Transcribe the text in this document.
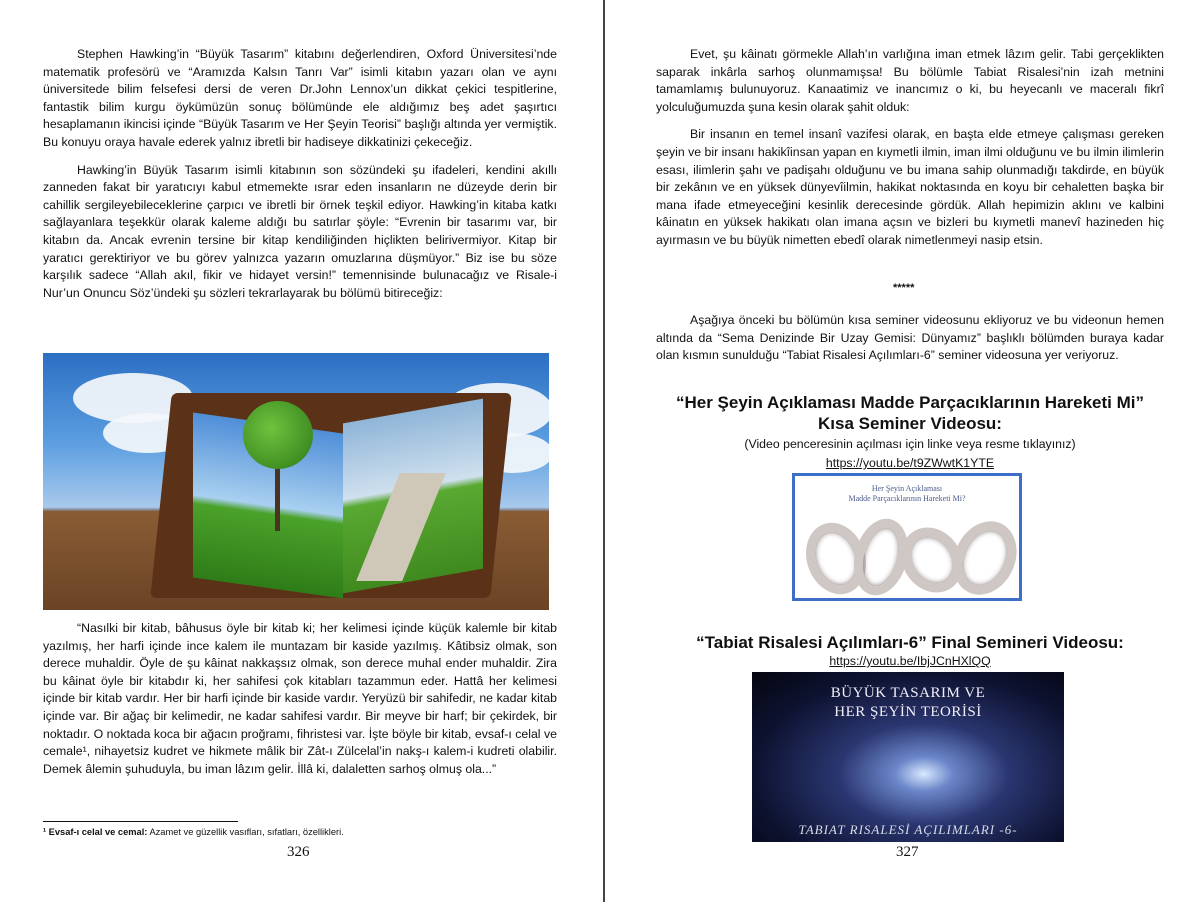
Stephen Hawking’in “Büyük Tasarım” kitabını değerlendiren, Oxford Üniversitesi’nde matematik profesörü ve “Aramızda Kalsın Tanrı Var” isimli kitabın yazarı olan ve aynı üniversitede bilim felsefesi dersi de veren Dr.John Lennox’un dikkat çekici tespitlerine, fantastik bilim kurgu öykümüzün sonuç bölümünde ele aldığımız beş adet şaşırtıcı hesaplamanın ikincisi içinde “Büyük Tasarım ve Her Şeyin Teorisi” başlığı altında yer vermiştik. Bu konuyu oraya havale ederek yalnız ibretli bir hadiseye dikkatinizi çekeceğiz.

Hawking’in Büyük Tasarım isimli kitabının son sözündeki şu ifadeleri, kendini akıllı zanneden fakat bir yaratıcıyı kabul etmemekte ısrar eden insanların ne düzeyde derin bir cahillik sergileyebileceklerine çarpıcı ve ibretli bir örnek teşkil ediyor. Hawking’in kitaba katkı sağlayanlara teşekkür olarak kaleme aldığı bu satırlar şöyle: “Evrenin bir tasarımı var, bir kitabın da. Ancak evrenin tersine bir kitap kendiliğinden hiçlikten belirivermiyor. Kitap bir yaratıcı gerektiriyor ve bu görev yalnızca yazarın omuzlarına düşmüyor.” Biz ise bu söze karşılık sadece “Allah akıl, fikir ve hidayet versin!” temennisinde bulunacağız ve Risale-i Nur’un Onuncu Söz’ündeki şu sözleri tekrarlayarak bu bölümü bitireceğiz:

“Nasılki bir kitab, bâhusus öyle bir kitab ki; her kelimesi içinde küçük kalemle bir kitab yazılmış, her harfi içinde ince kalem ile muntazam bir kaside yazılmış. Kâtibsiz olmak, son derece muhaldir. Öyle de şu kâinat nakkaşsız olmak, son derece muhal ender muhaldir. Zira bu kâinat öyle bir kitabdır ki, her sahifesi çok kitabları tazammun eder. Hattâ her kelimesi içinde bir kitab vardır. Her bir harfi içinde bir kaside vardır. Yeryüzü bir sahifedir, ne kadar kitab içinde var. Bir ağaç bir kelimedir, ne kadar sahifesi vardır. Bir meyve bir harf; bir çekirdek, bir noktadır. O noktada koca bir ağacın proğramı, fihristesi var. İşte böyle bir kitab, evsaf-ı celal ve cemale¹, nihayetsiz kudret ve hikmete mâlik bir Zât-ı Zülcelal’in nakş-ı kalem-i kudreti olabilir. Demek âlemin şuhuduyla, bu iman lâzım gelir. İllâ ki, dalaletten sarhoş olmuş ola...”

¹ Evsaf-ı celal ve cemal: Azamet ve güzellik vasıfları, sıfatları, özellikleri.
326

Evet, şu kâinatı görmekle Allah’ın varlığına iman etmek lâzım gelir. Tabi gerçeklikten saparak inkârla sarhoş olunmamışsa! Bu bölümle Tabiat Risalesi’nin izah metnini tamamlamış bulunuyoruz. Kanaatimiz ve inancımız o ki, bu heyecanlı ve maceralı fikrî yolculuğumuzda şuna kesin olarak şahit olduk:

Bir insanın en temel insanî vazifesi olarak, en başta elde etmeye çalışması gereken şeyin ve bir insanı hakikîinsan yapan en kıymetli ilmin, iman ilmi olduğunu ve bu ilmin ilimlerin esası, ilimlerin şahı ve padişahı olduğunu ve bu imana sahip olunmadığı takdirde, en büyük bir zekânın ve en yüksek dünyevîilmin, hakikat noktasında en koyu bir cehaletten başka bir mana ifade etmeyeceğini kesinlik derecesinde gördük. Allah hepimizin aklını ve kalbini kâinatın en yüksek hakikatı olan imana açsın ve bizleri bu kıymetli manevî hazineden hiç ayırmasın ve bu büyük nimetten ebedî olarak nimetlenmeyi nasip etsin.

*****

Aşağıya önceki bu bölümün kısa seminer videosunu ekliyoruz ve bu videonun hemen altında da “Sema Denizinde Bir Uzay Gemisi: Dünyamız” başlıklı bölümden buraya kadar olan kısmın sunulduğu “Tabiat Risalesi Açılımları-6” seminer videosuna yer veriyoruz.

“Her Şeyin Açıklaması Madde Parçacıklarının Hareketi Mi”
Kısa Seminer Videosu:
(Video penceresinin açılması için linke veya resme tıklayınız)
https://youtu.be/t9ZWwtK1YTE
Her Şeyin Açıklaması
Madde Parçacıklarının Hareketi Mi?
“Tabiat Risalesi Açılımları-6” Final Semineri Videosu:
https://youtu.be/IbjJCnHXlQQ
BÜYÜK TASARIM VE
HER ŞEYİN TEORİSİ
TABIAT RISALESİ AÇILIMLARI -6-
327
